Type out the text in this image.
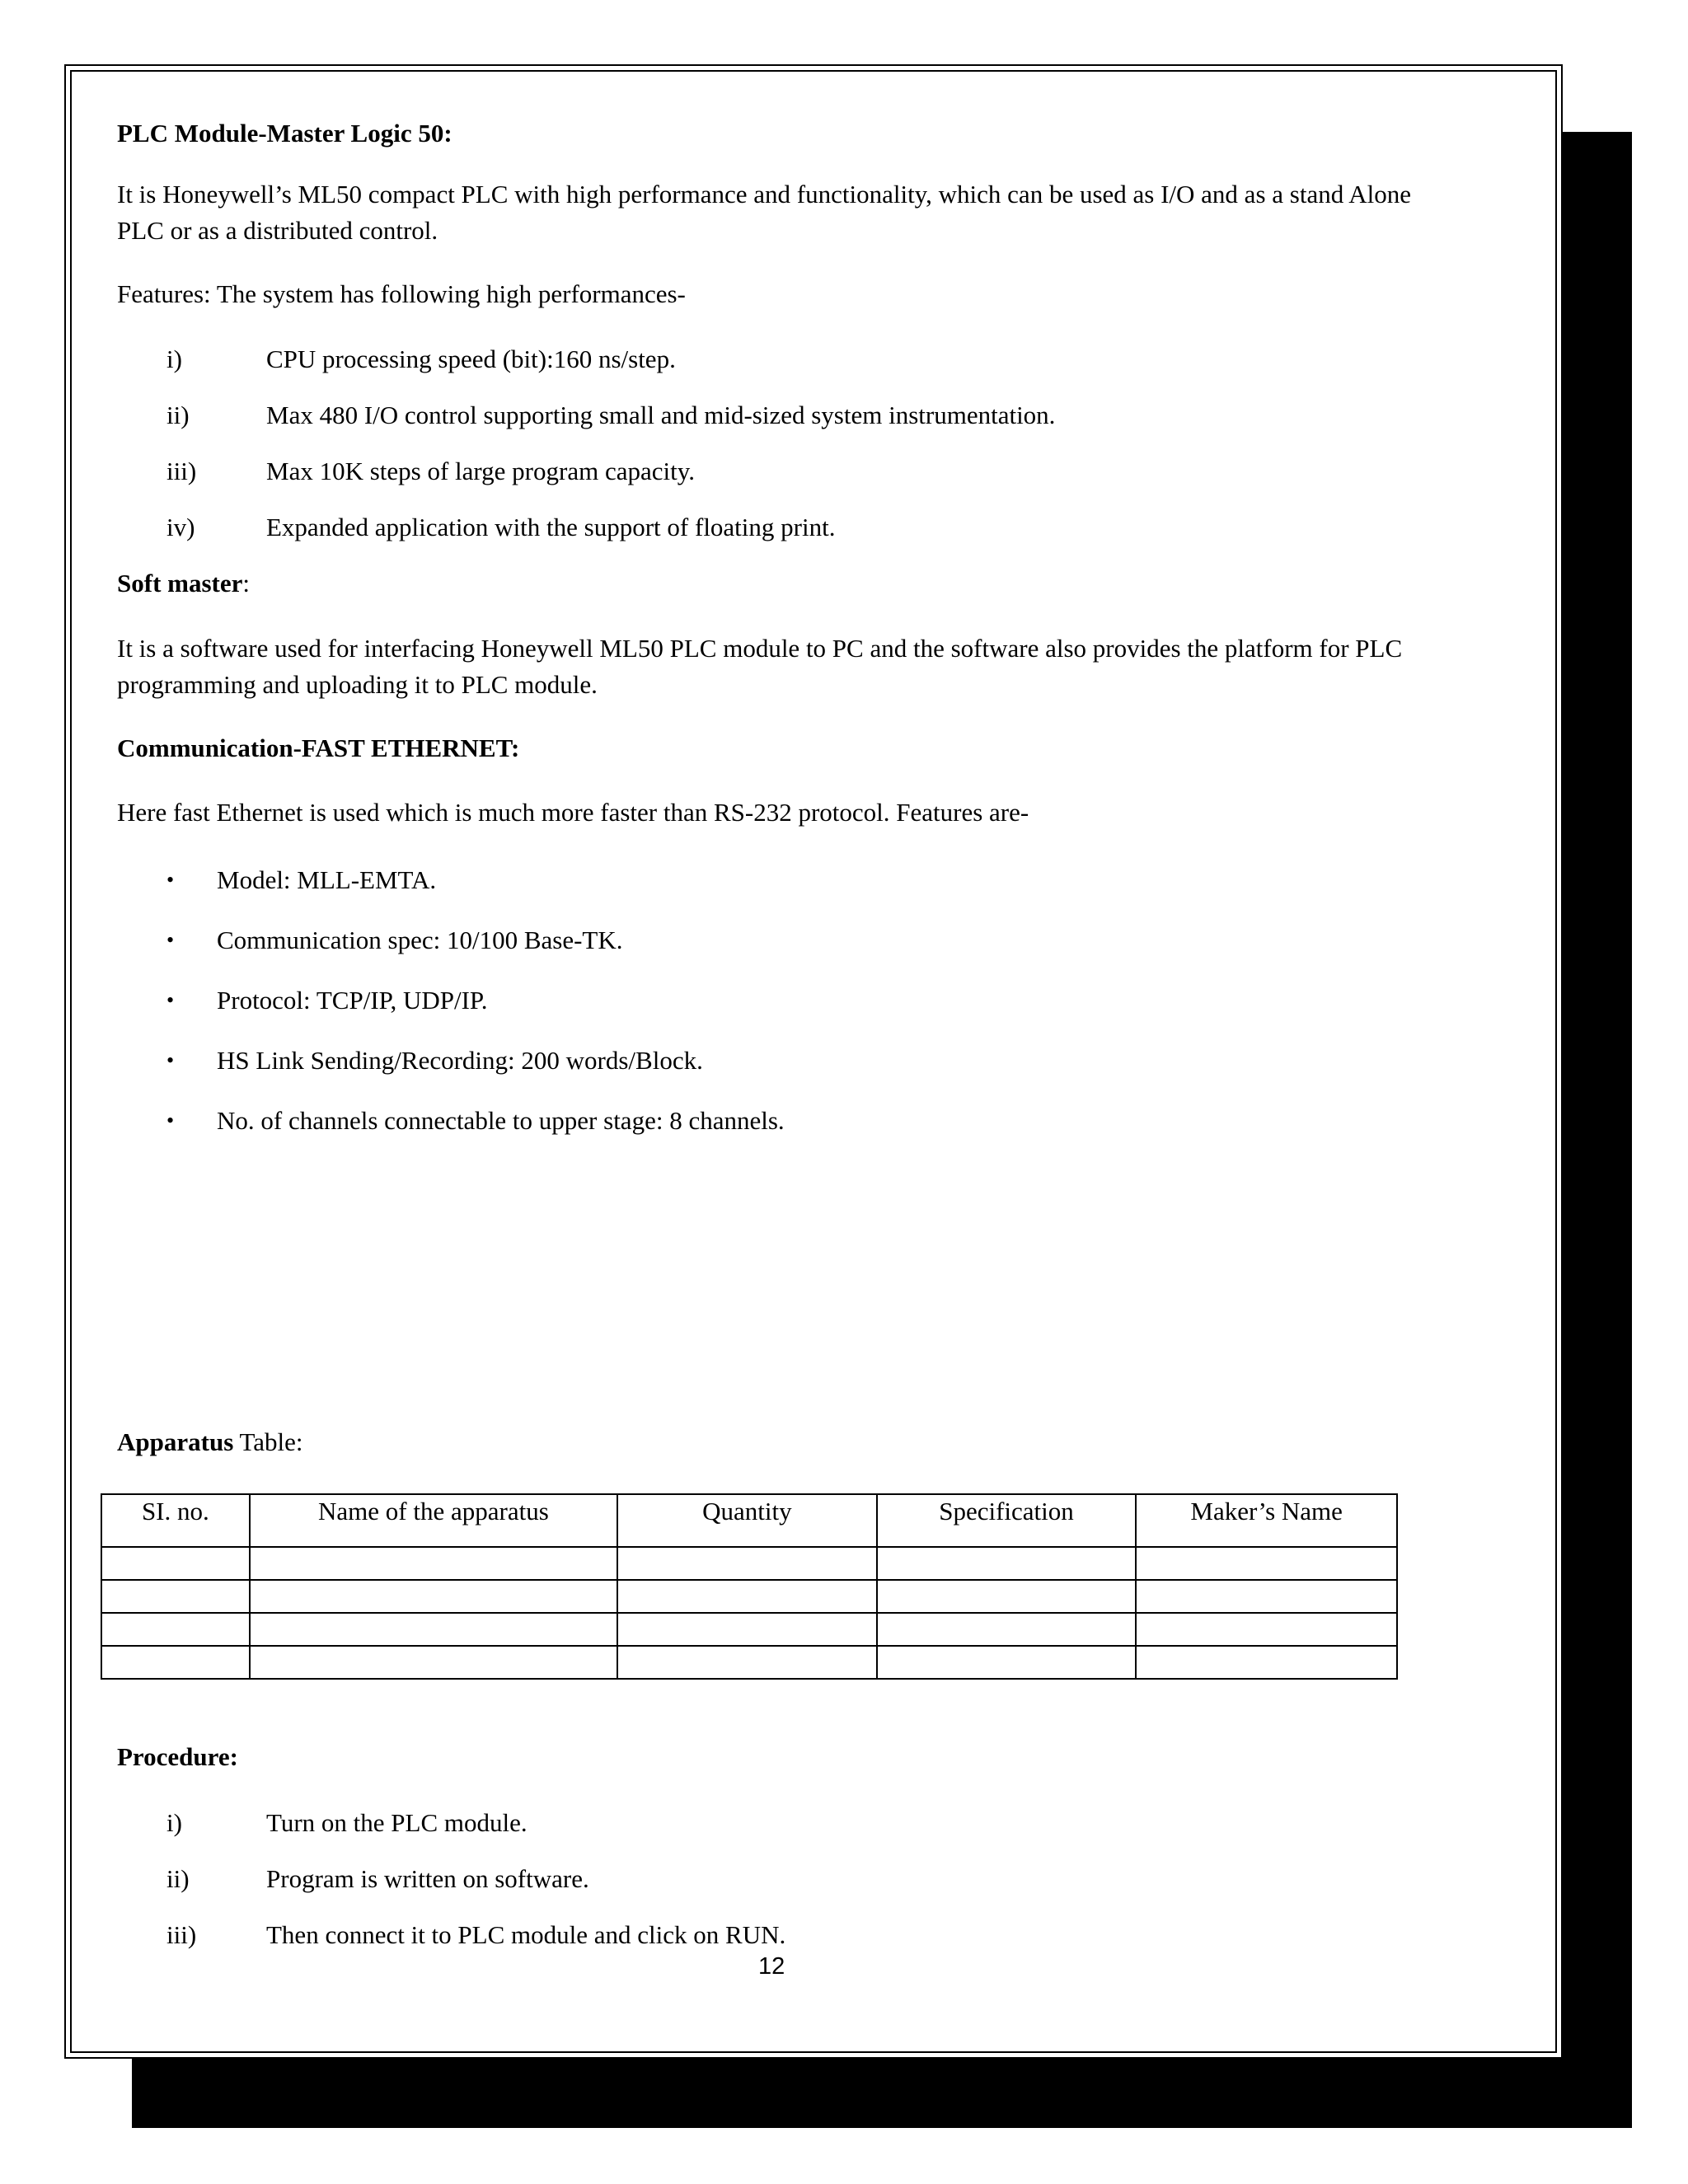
PLC Module-Master Logic 50:

It is Honeywell’s ML50 compact PLC with high performance and functionality, which can be used as I/O and as a stand Alone PLC or as a distributed control.

Features: The system has following high performances-

i)	CPU processing speed (bit):160 ns/step.
ii)	Max 480 I/O control supporting small and mid-sized system instrumentation.
iii)	Max 10K steps of large program capacity.
iv)	Expanded application with the support of floating print.

Soft master:

It is a software used for interfacing Honeywell ML50 PLC module to PC and the software also provides the platform for PLC programming and uploading it to PLC module.

Communication-FAST ETHERNET:

Here fast Ethernet is used which is much more faster than RS-232 protocol. Features are-

• Model: MLL-EMTA.
• Communication spec: 10/100 Base-TK.
• Protocol: TCP/IP, UDP/IP.
• HS Link Sending/Recording: 200 words/Block.
• No. of channels connectable to upper stage: 8 channels.

Apparatus Table:

Procedure:

i)	Turn on the PLC module.
ii)	Program is written on software.
iii)	Then connect it to PLC module and click on RUN.
SI. no.	Name of the apparatus	Quantity	Specification	Maker’s Name

12
